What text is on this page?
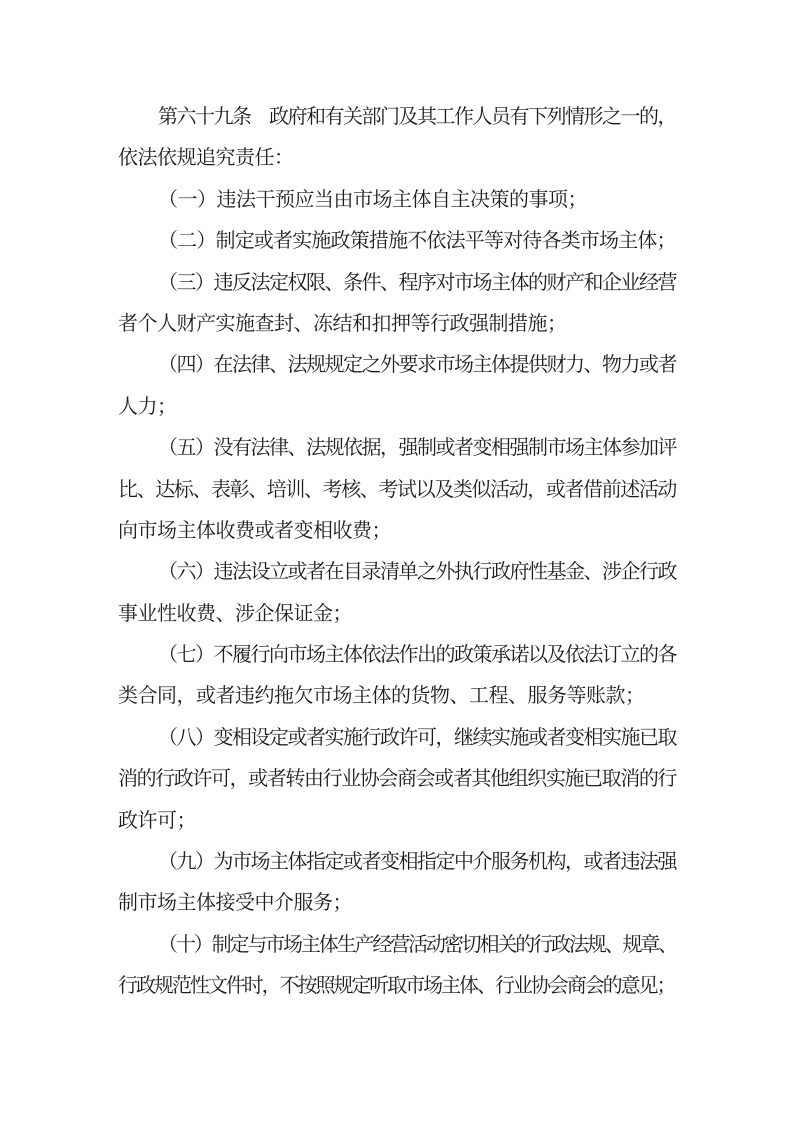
第六十九条　政府和有关部门及其工作人员有下列情形之一的，
依法依规追究责任：
（一）违法干预应当由市场主体自主决策的事项；
（二）制定或者实施政策措施不依法平等对待各类市场主体；
（三）违反法定权限、条件、程序对市场主体的财产和企业经营
者个人财产实施查封、冻结和扣押等行政强制措施；
（四）在法律、法规规定之外要求市场主体提供财力、物力或者
人力；
（五）没有法律、法规依据，强制或者变相强制市场主体参加评
比、达标、表彰、培训、考核、考试以及类似活动，或者借前述活动
向市场主体收费或者变相收费；
（六）违法设立或者在目录清单之外执行政府性基金、涉企行政
事业性收费、涉企保证金；
（七）不履行向市场主体依法作出的政策承诺以及依法订立的各
类合同，或者违约拖欠市场主体的货物、工程、服务等账款；
（八）变相设定或者实施行政许可，继续实施或者变相实施已取
消的行政许可，或者转由行业协会商会或者其他组织实施已取消的行
政许可；
（九）为市场主体指定或者变相指定中介服务机构，或者违法强
制市场主体接受中介服务；
（十）制定与市场主体生产经营活动密切相关的行政法规、规章、
行政规范性文件时，不按照规定听取市场主体、行业协会商会的意见；
